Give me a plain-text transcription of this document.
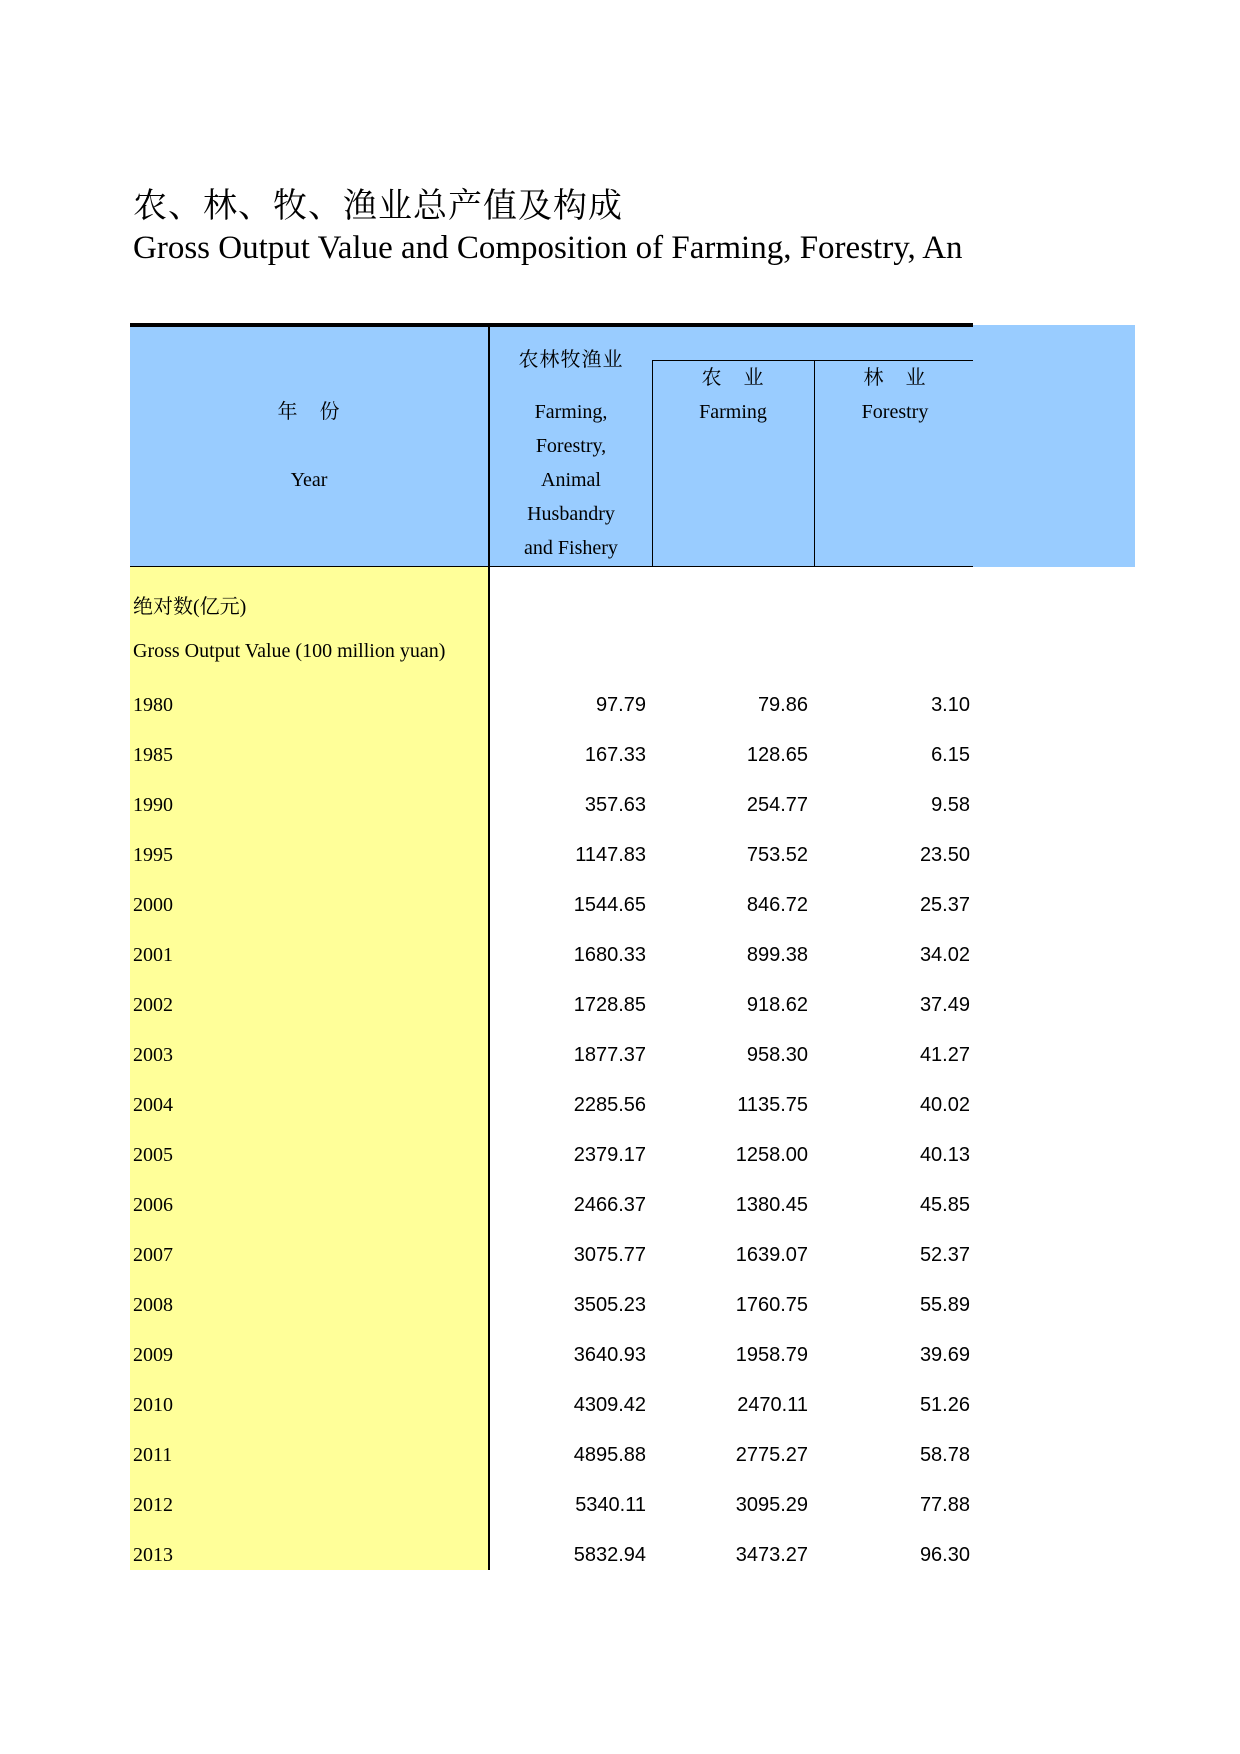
农、林、牧、渔业总产值及构成
Gross Output Value and Composition of Farming, Forestry, An
年　份
Year
农林牧渔业
Farming,
Forestry,
Animal
Husbandry
and Fishery
农　业
Farming
林　业
Forestry
绝对数(亿元)
Gross Output Value (100 million yuan)
1980	97.79	79.86	3.10
1985	167.33	128.65	6.15
1990	357.63	254.77	9.58
1995	1147.83	753.52	23.50
2000	1544.65	846.72	25.37
2001	1680.33	899.38	34.02
2002	1728.85	918.62	37.49
2003	1877.37	958.30	41.27
2004	2285.56	1135.75	40.02
2005	2379.17	1258.00	40.13
2006	2466.37	1380.45	45.85
2007	3075.77	1639.07	52.37
2008	3505.23	1760.75	55.89
2009	3640.93	1958.79	39.69
2010	4309.42	2470.11	51.26
2011	4895.88	2775.27	58.78
2012	5340.11	3095.29	77.88
2013	5832.94	3473.27	96.30
